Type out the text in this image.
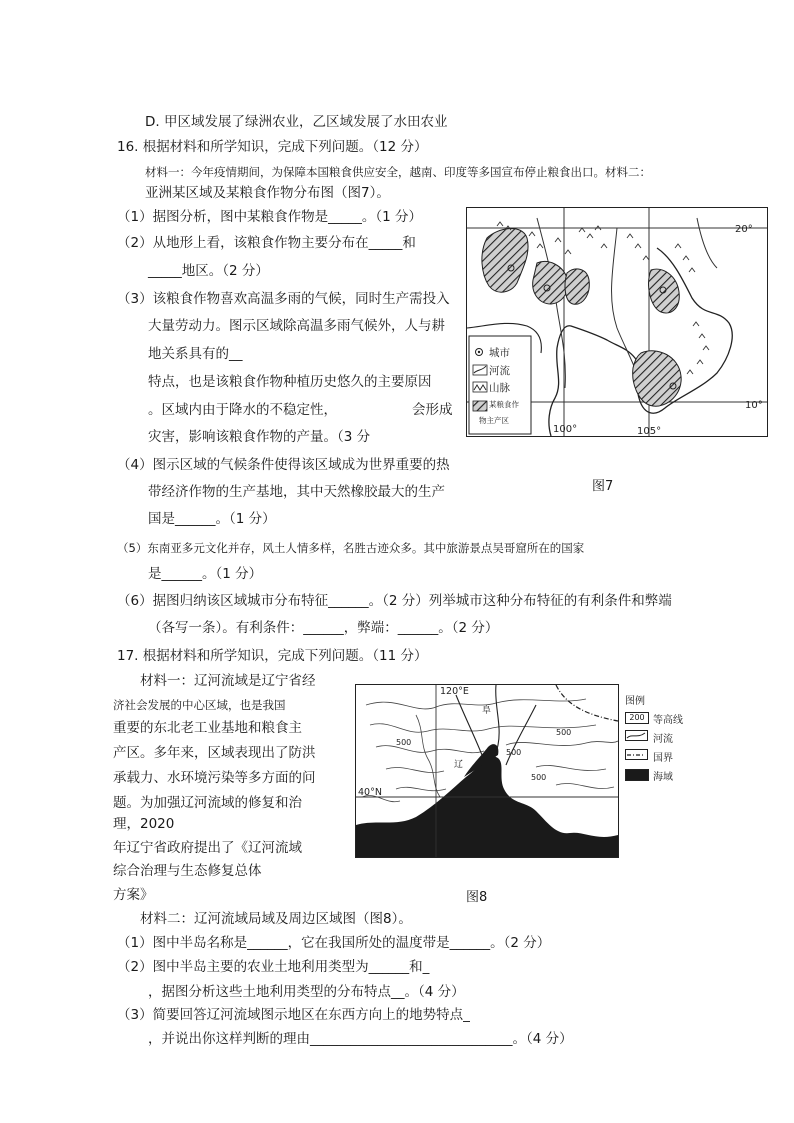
D. 甲区域发展了绿洲农业，乙区域发展了水田农业
16. 根据材料和所学知识，完成下列问题。（12 分）
材料一：今年疫情期间，为保障本国粮食供应安全，越南、印度等多国宣布停止粮食出口。材料二：
亚洲某区域及某粮食作物分布图（图7）。
（1）据图分析，图中某粮食作物是_____。（1 分）
（2）从地形上看，该粮食作物主要分布在_____和
_____地区。（2 分）
（3）该粮食作物喜欢高温多雨的气候，同时生产需投入
大量劳动力。图示区域除高温多雨气候外，人与耕
地关系具有的__
特点，也是该粮食作物种植历史悠久的主要原因
。区域内由于降水的不稳定性，	会形成
灾害，影响该粮食作物的产量。（3 分
（4）图示区域的气候条件使得该区域成为世界重要的热
带经济作物的生产基地，其中天然橡胶最大的生产
国是______。（1 分）
（5）东南亚多元文化并存，风土人情多样，名胜古迹众多。其中旅游景点吴哥窟所在的国家
是______。（1 分）
（6）据图归纳该区域城市分布特征______。（2 分）列举城市这种分布特征的有利条件和弊端
（各写一条）。有利条件：______，弊端：______。（2 分）
20°
10°
100°	105°
城市
河流
山脉
某粮食作
物主产区
图7
17. 根据材料和所学知识，完成下列问题。（11 分）
材料一：辽河流域是辽宁省经
济社会发展的中心区域，也是我国
重要的东北老工业基地和粮食主
产区。多年来，区域表现出了防洪
承载力、水环境污染等多方面的问
题。为加强辽河流域的修复和治
理，2020
年辽宁省政府提出了《辽河流域
综合治理与生态修复总体
方案》
材料二：辽河流域局域及周边区域图（图8）。
（1）图中半岛名称是______，它在我国所处的温度带是______。（2 分）
（2）图中半岛主要的农业土地利用类型为______和_
，据图分析这些土地利用类型的分布特点__。（4 分）
（3）简要回答辽河流域图示地区在东西方向上的地势特点_
，并说出你这样判断的理由______________________________。（4 分）
120°E
40°N
500
500
500
500
阜
辽
图例
200 等高线
河流
国界
海域
图8
